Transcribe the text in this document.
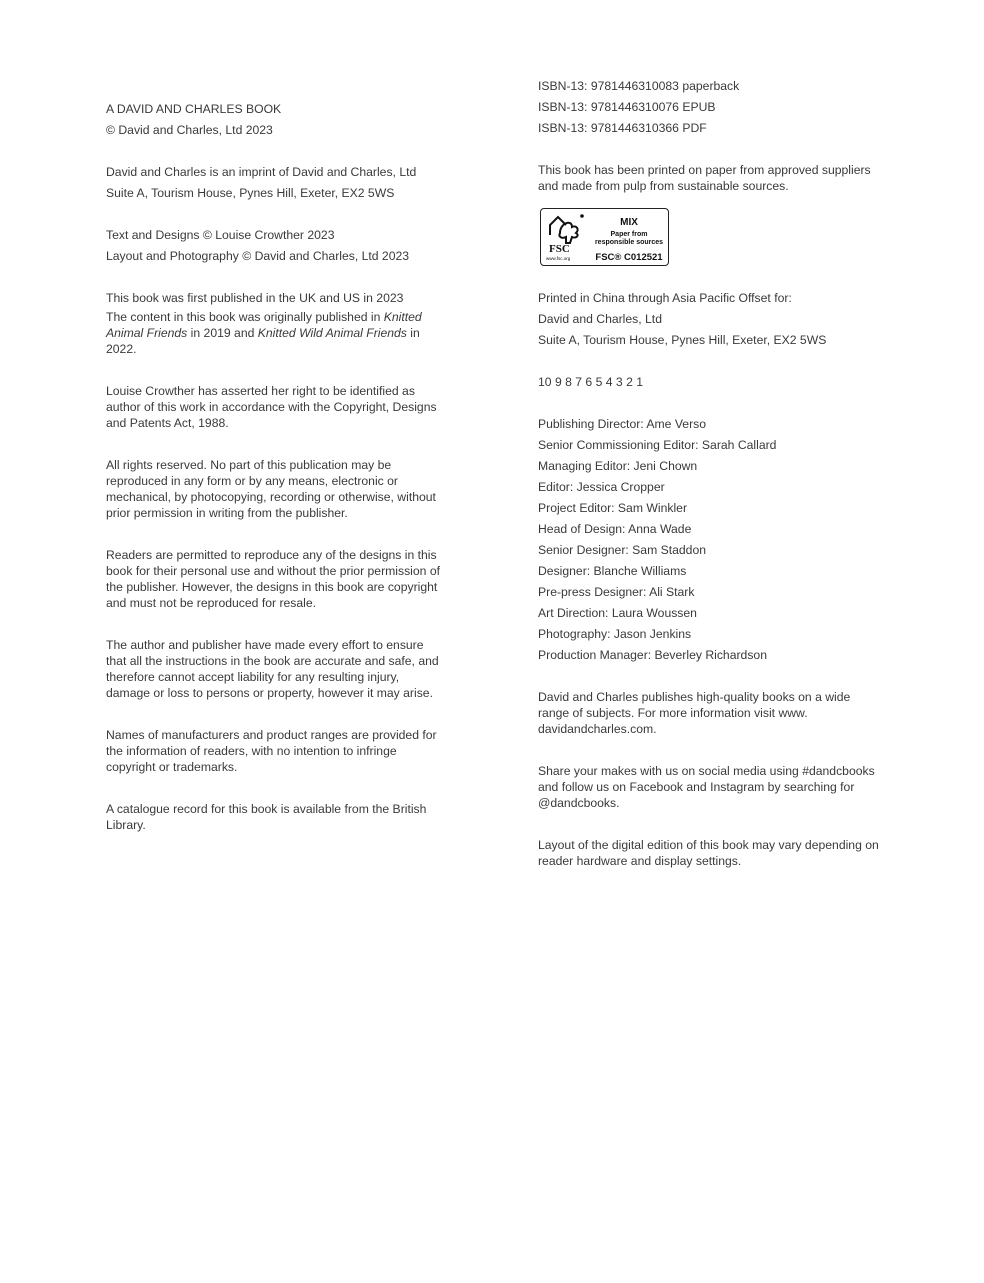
A DAVID AND CHARLES BOOK
© David and Charles, Ltd 2023
David and Charles is an imprint of David and Charles, Ltd
Suite A, Tourism House, Pynes Hill, Exeter, EX2 5WS
Text and Designs © Louise Crowther 2023
Layout and Photography © David and Charles, Ltd 2023
This book was first published in the UK and US in 2023
The content in this book was originally published in Knitted Animal Friends in 2019 and Knitted Wild Animal Friends in 2022.
Louise Crowther has asserted her right to be identified as author of this work in accordance with the Copyright, Designs and Patents Act, 1988.
All rights reserved. No part of this publication may be reproduced in any form or by any means, electronic or mechanical, by photocopying, recording or otherwise, without prior permission in writing from the publisher.
Readers are permitted to reproduce any of the designs in this book for their personal use and without the prior permission of the publisher. However, the designs in this book are copyright and must not be reproduced for resale.
The author and publisher have made every effort to ensure that all the instructions in the book are accurate and safe, and therefore cannot accept liability for any resulting injury, damage or loss to persons or property, however it may arise.
Names of manufacturers and product ranges are provided for the information of readers, with no intention to infringe copyright or trademarks.
A catalogue record for this book is available from the British Library.
ISBN-13: 9781446310083 paperback
ISBN-13: 9781446310076 EPUB
ISBN-13: 9781446310366 PDF
This book has been printed on paper from approved suppliers and made from pulp from sustainable sources.
FSC
www.fsc.org
MIX
Paper from
responsible sources
FSC® C012521
Printed in China through Asia Pacific Offset for:
David and Charles, Ltd
Suite A, Tourism House, Pynes Hill, Exeter, EX2 5WS
10 9 8 7 6 5 4 3 2 1
Publishing Director: Ame Verso
Senior Commissioning Editor: Sarah Callard
Managing Editor: Jeni Chown
Editor: Jessica Cropper
Project Editor: Sam Winkler
Head of Design: Anna Wade
Senior Designer: Sam Staddon
Designer: Blanche Williams
Pre-press Designer: Ali Stark
Art Direction: Laura Woussen
Photography: Jason Jenkins
Production Manager: Beverley Richardson
David and Charles publishes high-quality books on a wide range of subjects. For more information visit www. davidandcharles.com.
Share your makes with us on social media using #dandcbooks and follow us on Facebook and Instagram by searching for @dandcbooks.
Layout of the digital edition of this book may vary depending on reader hardware and display settings.
